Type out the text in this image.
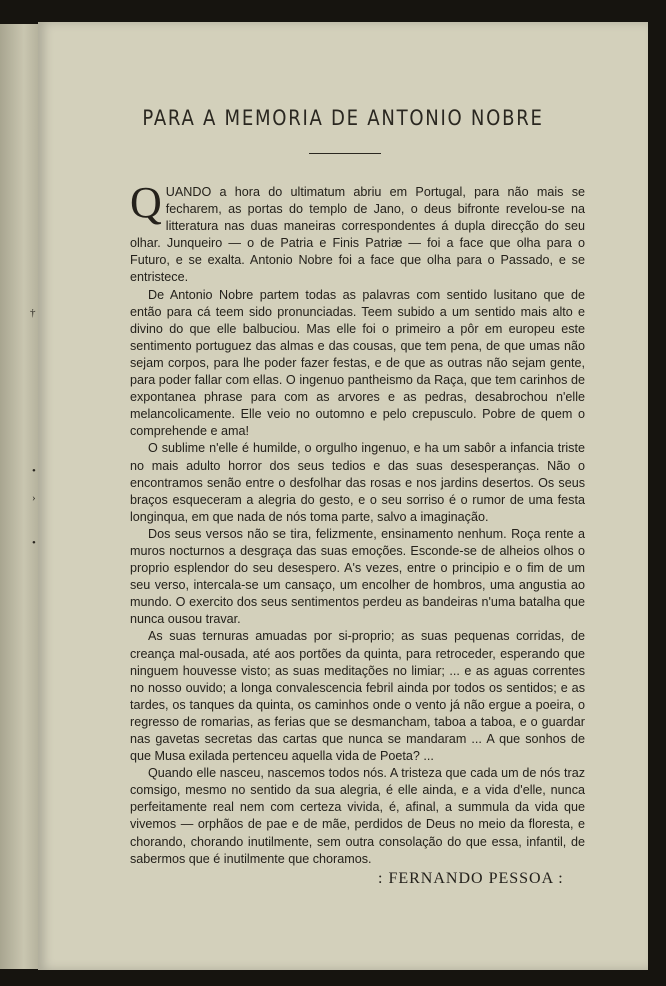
PARA A MEMORIA DE ANTONIO NOBRE

QUANDO a hora do ultimatum abriu em Portugal, para não mais se fecharem, as portas do templo de Jano, o deus bifronte revelou-se na litteratura nas duas maneiras correspondentes á dupla direcção do seu olhar. Junqueiro — o de Patria e Finis Patriæ — foi a face que olha para o Futuro, e se exalta. Antonio Nobre foi a face que olha para o Passado, e se entristece.

De Antonio Nobre partem todas as palavras com sentido lusitano que de então para cá teem sido pronunciadas. Teem subido a um sentido mais alto e divino do que elle balbuciou. Mas elle foi o primeiro a pôr em europeu este sentimento portuguez das almas e das cousas, que tem pena, de que umas não sejam corpos, para lhe poder fazer festas, e de que as outras não sejam gente, para poder fallar com ellas. O ingenuo pantheismo da Raça, que tem carinhos de expontanea phrase para com as arvores e as pedras, desabrochou n'elle melancolicamente. Elle veio no outomno e pelo crepusculo. Pobre de quem o comprehende e ama!

O sublime n'elle é humilde, o orgulho ingenuo, e ha um sabôr a infancia triste no mais adulto horror dos seus tedios e das suas desesperanças. Não o encontramos senão entre o desfolhar das rosas e nos jardins desertos. Os seus braços esqueceram a alegria do gesto, e o seu sorriso é o rumor de uma festa longinqua, em que nada de nós toma parte, salvo a imaginação.

Dos seus versos não se tira, felizmente, ensinamento nenhum. Roça rente a muros nocturnos a desgraça das suas emoções. Esconde-se de alheios olhos o proprio esplendor do seu desespero. A's vezes, entre o principio e o fim de um seu verso, intercala-se um cansaço, um encolher de hombros, uma angustia ao mundo. O exercito dos seus sentimentos perdeu as bandeiras n'uma batalha que nunca ousou travar.

As suas ternuras amuadas por si-proprio; as suas pequenas corridas, de creança mal-ousada, até aos portões da quinta, para retroceder, esperando que ninguem houvesse visto; as suas meditações no limiar; ... e as aguas correntes no nosso ouvido; a longa convalescencia febril ainda por todos os sentidos; e as tardes, os tanques da quinta, os caminhos onde o vento já não ergue a poeira, o regresso de romarias, as ferias que se desmancham, taboa a taboa, e o guardar nas gavetas secretas das cartas que nunca se mandaram ... A que sonhos de que Musa exilada pertenceu aquella vida de Poeta? ...

Quando elle nasceu, nascemos todos nós. A tristeza que cada um de nós traz comsigo, mesmo no sentido da sua alegria, é elle ainda, e a vida d'elle, nunca perfeitamente real nem com certeza vivida, é, afinal, a summula da vida que vivemos — orphãos de pae e de mãe, perdidos de Deus no meio da floresta, e chorando, chorando inutilmente, sem outra consolação do que essa, infantil, de sabermos que é inutilmente que choramos.

: FERNANDO PESSOA :
†
•
›
•
